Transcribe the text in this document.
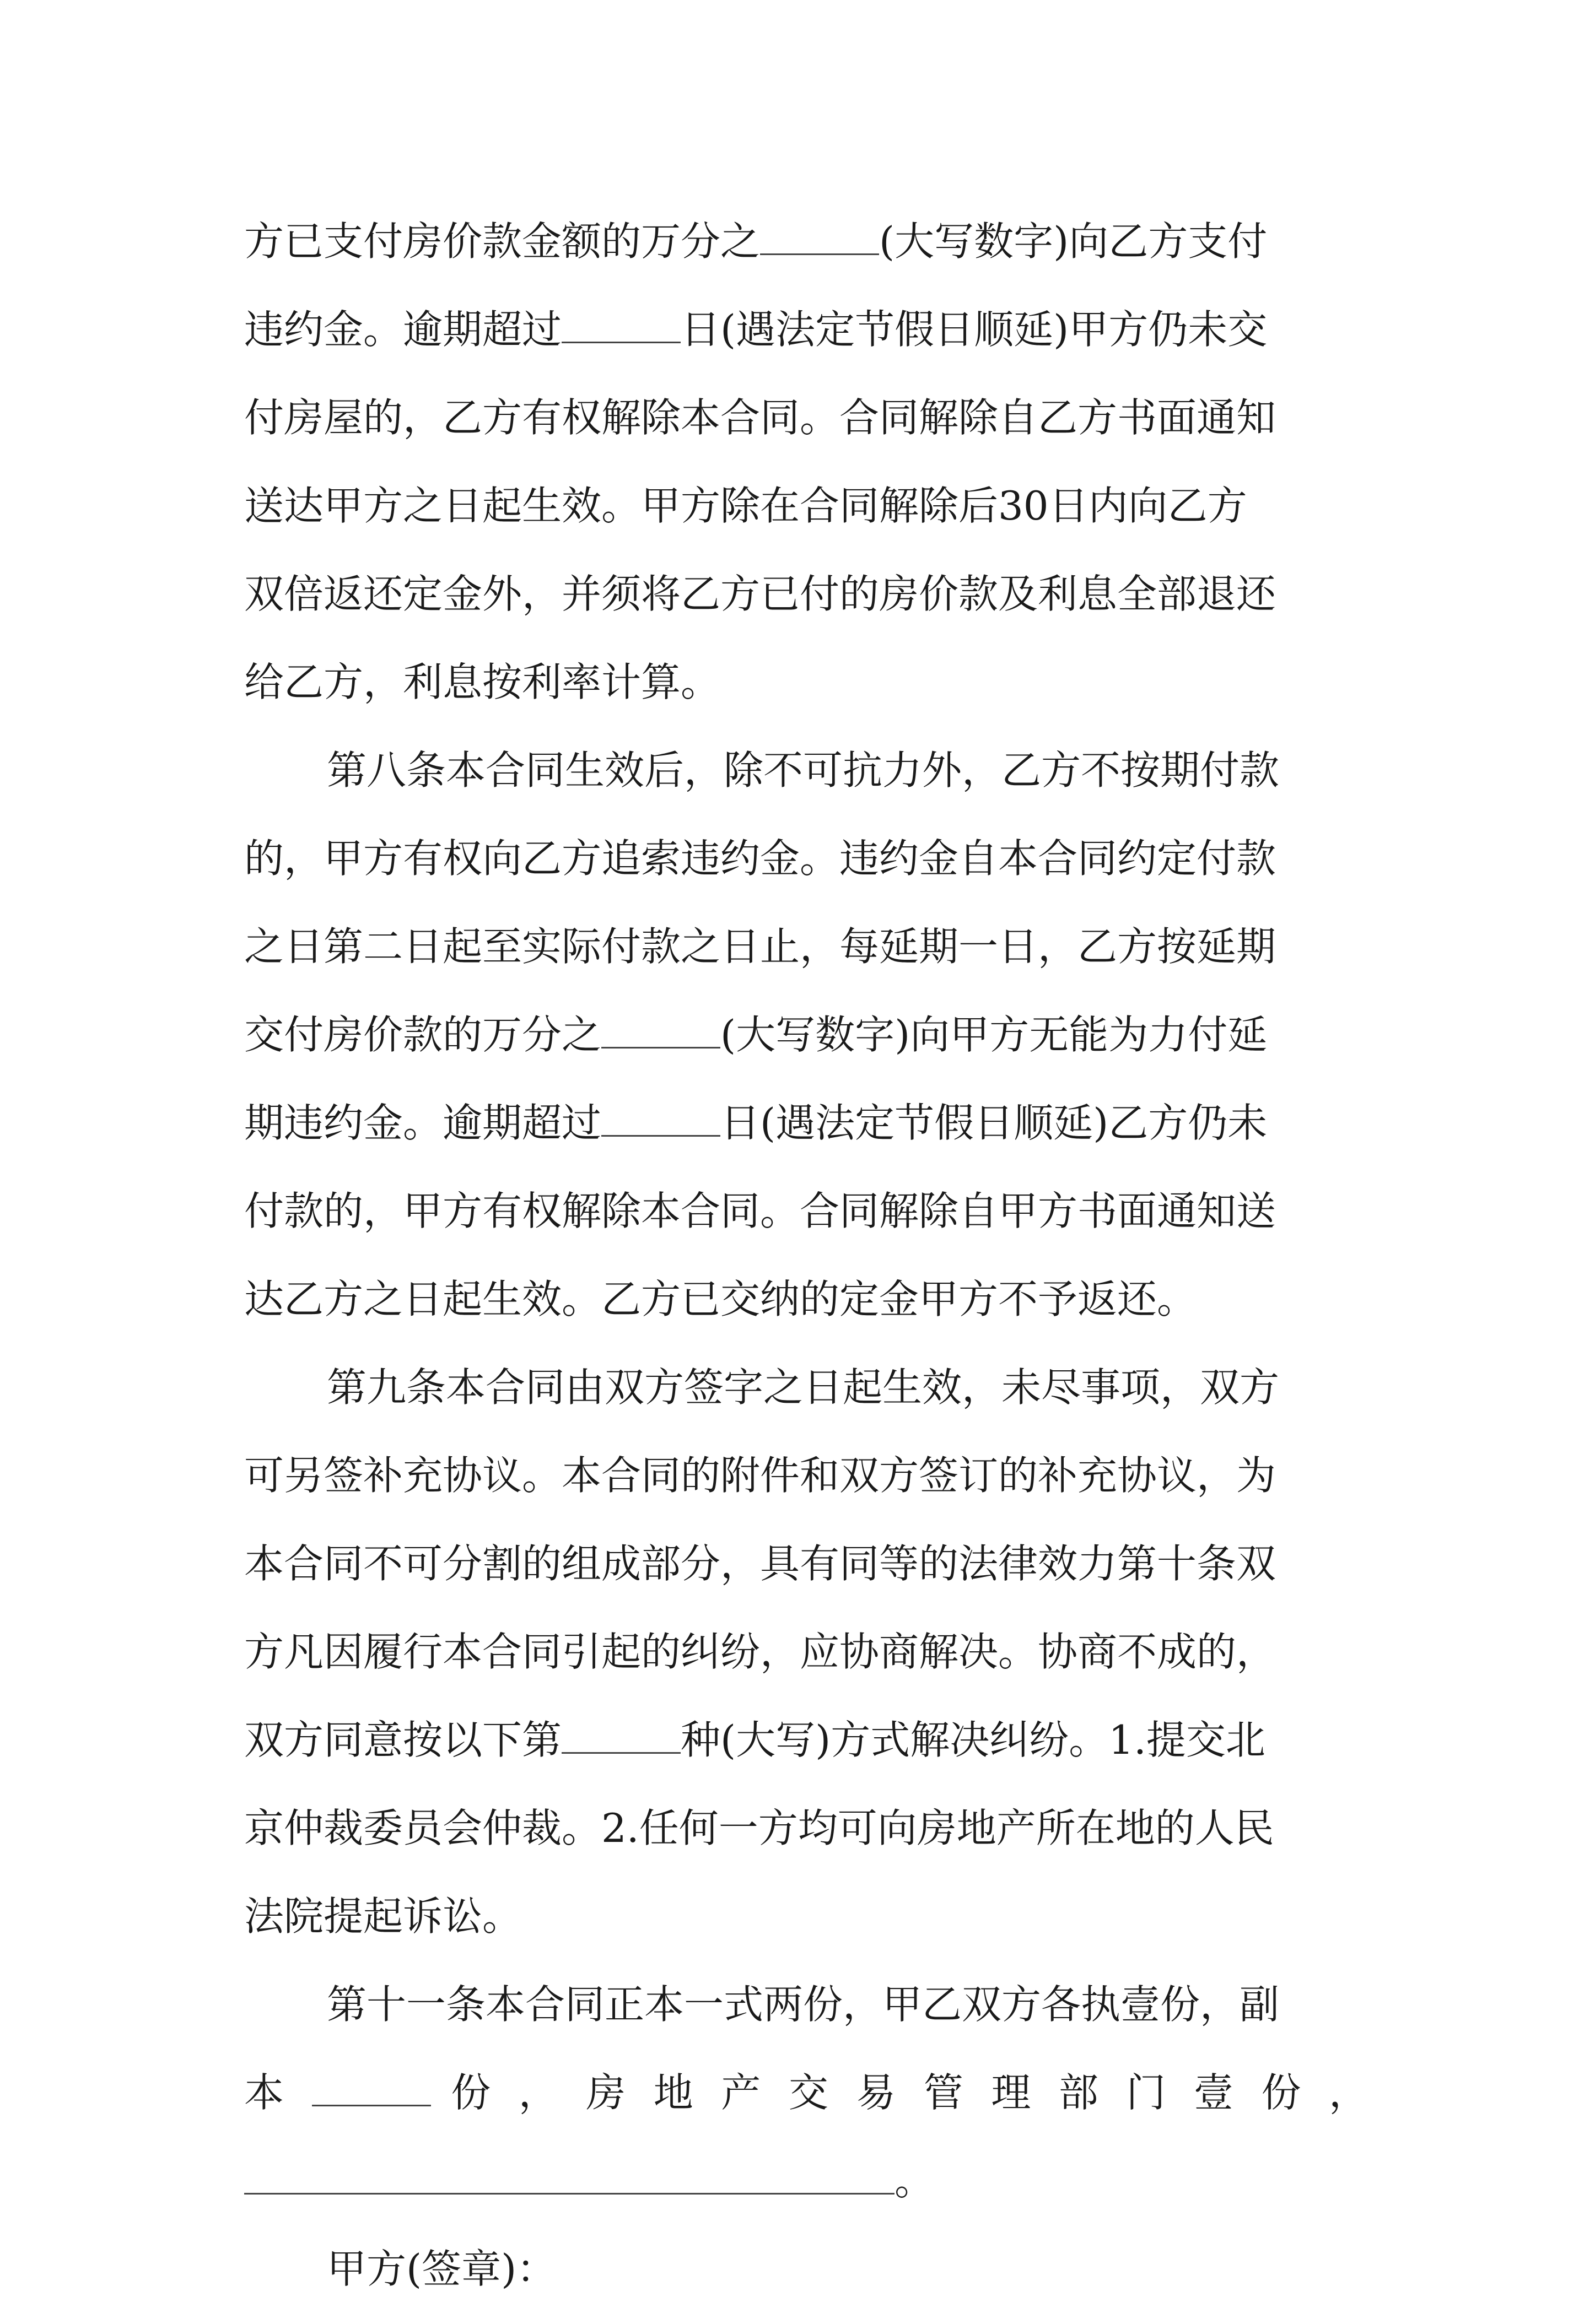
方已支付房价款金额的万分之	(大写数字)向乙方支付
违约金。逾期超过	日(遇法定节假日顺延)甲方仍未交
付房屋的，乙方有权解除本合同。合同解除自乙方书面通知
送达甲方之日起生效。甲方除在合同解除后30日内向乙方
双倍返还定金外，并须将乙方已付的房价款及利息全部退还
给乙方，利息按利率计算。
第八条本合同生效后，除不可抗力外，乙方不按期付款
的，甲方有权向乙方追索违约金。违约金自本合同约定付款
之日第二日起至实际付款之日止，每延期一日，乙方按延期
交付房价款的万分之	(大写数字)向甲方无能为力付延
期违约金。逾期超过	日(遇法定节假日顺延)乙方仍未
付款的，甲方有权解除本合同。合同解除自甲方书面通知送
达乙方之日起生效。乙方已交纳的定金甲方不予返还。
第九条本合同由双方签字之日起生效，未尽事项，双方
可另签补充协议。本合同的附件和双方签订的补充协议，为
本合同不可分割的组成部分，具有同等的法律效力第十条双
方凡因履行本合同引起的纠纷，应协商解决。协商不成的，
双方同意按以下第	种(大写)方式解决纠纷。1.提交北
京仲裁委员会仲裁。2.任何一方均可向房地产所在地的人民
法院提起诉讼。
第十一条本合同正本一式两份，甲乙双方各执壹份，副
本	份 ， 房 地 产 交 易 管 理 部 门 壹 份 ，
。
甲方(签章)：
